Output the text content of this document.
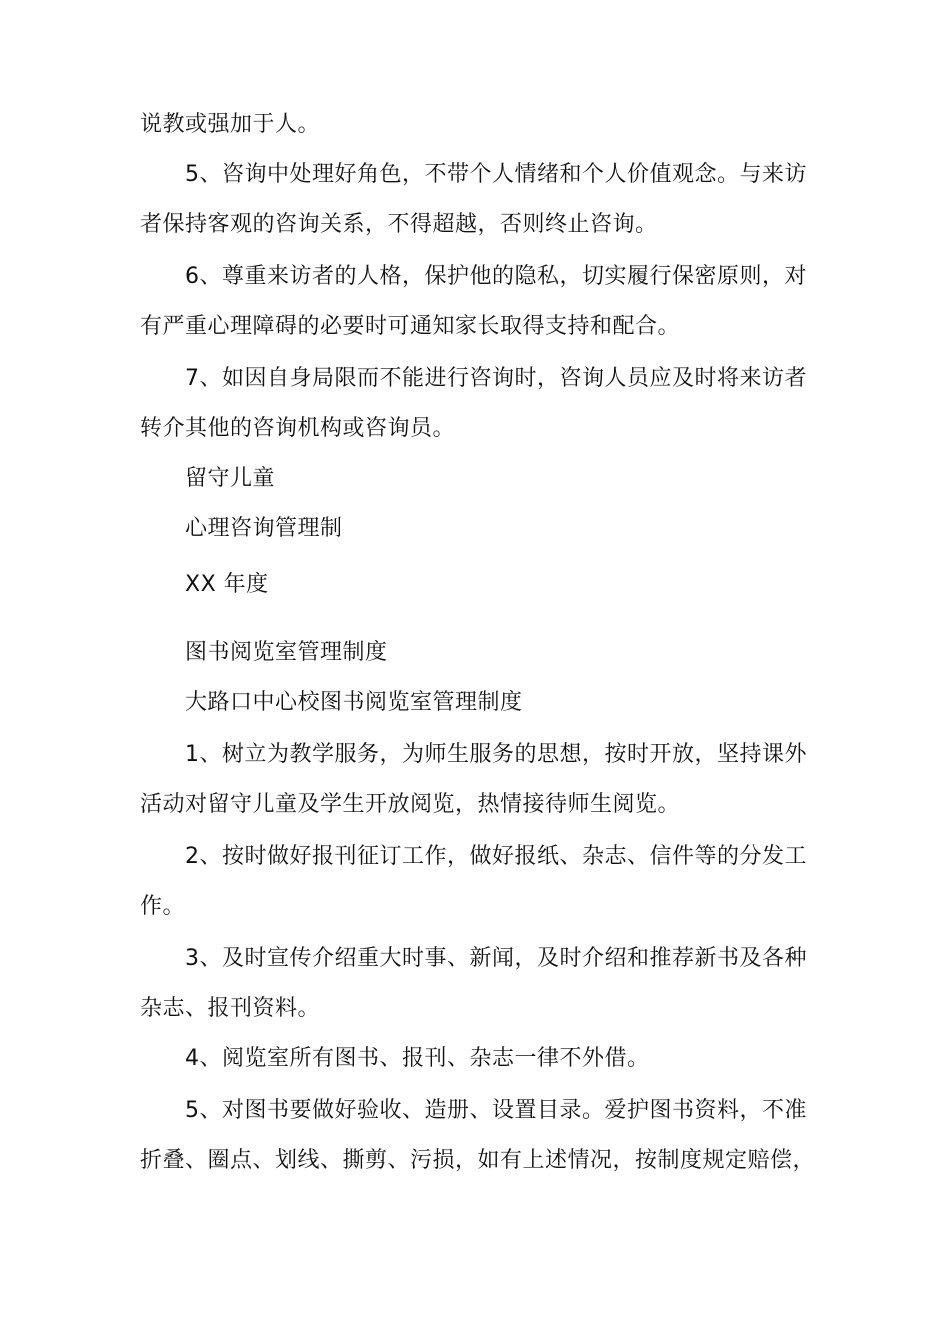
说教或强加于人。
5、咨询中处理好角色，不带个人情绪和个人价值观念。与来访
者保持客观的咨询关系，不得超越，否则终止咨询。
6、尊重来访者的人格，保护他的隐私，切实履行保密原则，对
有严重心理障碍的必要时可通知家长取得支持和配合。
7、如因自身局限而不能进行咨询时，咨询人员应及时将来访者
转介其他的咨询机构或咨询员。
留守儿童
心理咨询管理制
XX 年度
图书阅览室管理制度
大路口中心校图书阅览室管理制度
1、树立为教学服务，为师生服务的思想，按时开放，坚持课外
活动对留守儿童及学生开放阅览，热情接待师生阅览。
2、按时做好报刊征订工作，做好报纸、杂志、信件等的分发工
作。
3、及时宣传介绍重大时事、新闻，及时介绍和推荐新书及各种
杂志、报刊资料。
4、阅览室所有图书、报刊、杂志一律不外借。
5、对图书要做好验收、造册、设置目录。爱护图书资料，不准
折叠、圈点、划线、撕剪、污损，如有上述情况，按制度规定赔偿，
